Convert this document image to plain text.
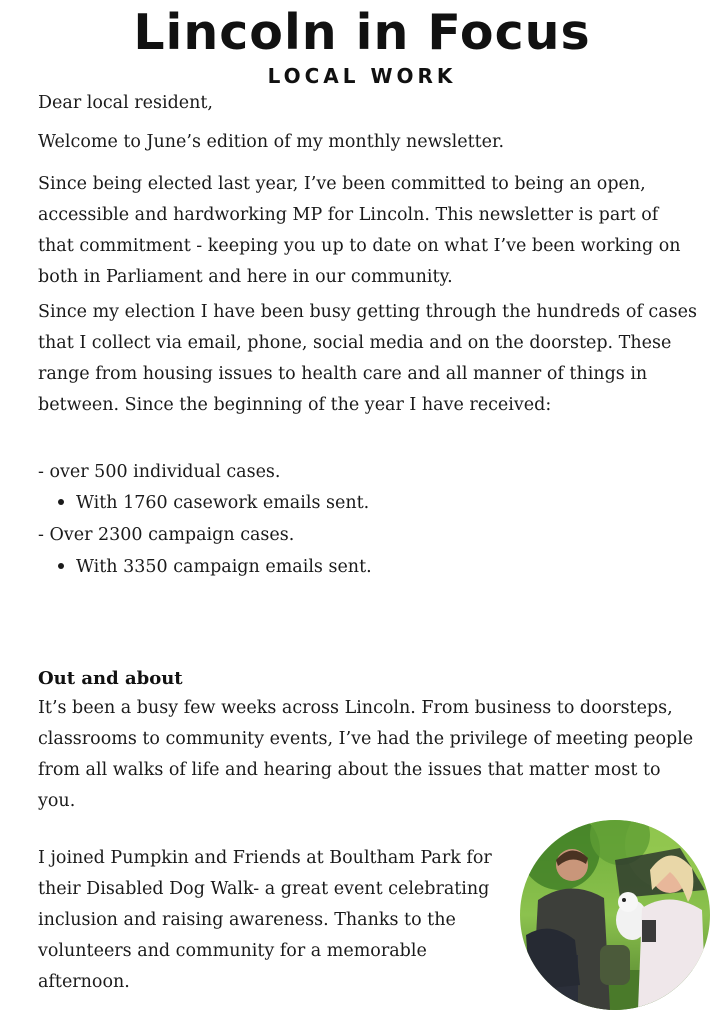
Lincoln in Focus
LOCAL WORK
Dear local resident,
Welcome to June’s edition of my monthly newsletter.
Since being elected last year, I’ve been committed to being an open, accessible and hardworking MP for Lincoln. This newsletter is part of that commitment - keeping you up to date on what I’ve been working on both in Parliament and here in our community.
Since my election I have been busy getting through the hundreds of cases that I collect via email, phone, social media and on the doorstep. These range from housing issues to health care and all manner of things in between. Since the beginning of the year I have received:
- over 500 individual cases.
With 1760 casework emails sent.
- Over 2300 campaign cases.
With 3350 campaign emails sent.
Out and about
It’s been a busy few weeks across Lincoln. From business to doorsteps, classrooms to community events, I’ve had the privilege of meeting people from all walks of life and hearing about the issues that matter most to you.
I joined Pumpkin and Friends at Boultham Park for their Disabled Dog Walk- a great event celebrating inclusion and raising awareness. Thanks to the volunteers and community for a memorable afternoon.
